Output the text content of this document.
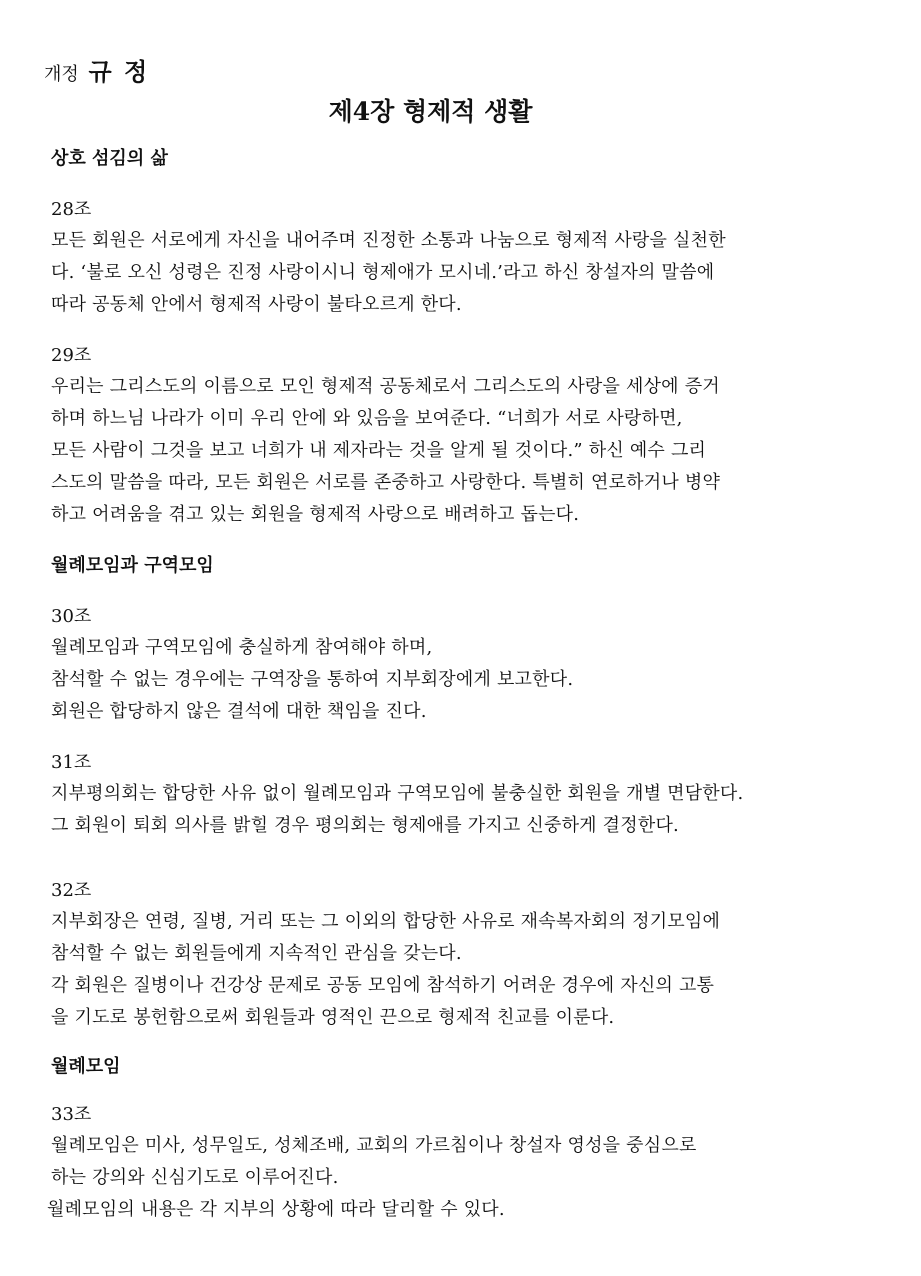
개정 규 정
제4장 형제적 생활
상호 섬김의 삶
28조
모든 회원은 서로에게 자신을 내어주며 진정한 소통과 나눔으로 형제적 사랑을 실천한
다. ‘불로 오신 성령은 진정 사랑이시니 형제애가 모시네.’라고 하신 창설자의 말씀에
따라 공동체 안에서 형제적 사랑이 불타오르게 한다.
29조
우리는 그리스도의 이름으로 모인 형제적 공동체로서 그리스도의 사랑을 세상에 증거
하며 하느님 나라가 이미 우리 안에 와 있음을 보여준다. “너희가 서로 사랑하면,
모든 사람이 그것을 보고 너희가 내 제자라는 것을 알게 될 것이다.” 하신 예수 그리
스도의 말씀을 따라, 모든 회원은 서로를 존중하고 사랑한다. 특별히 연로하거나 병약
하고 어려움을 겪고 있는 회원을 형제적 사랑으로 배려하고 돕는다.
월례모임과 구역모임
30조
월례모임과 구역모임에 충실하게 참여해야 하며,
참석할 수 없는 경우에는 구역장을 통하여 지부회장에게 보고한다.
회원은 합당하지 않은 결석에 대한 책임을 진다.
31조
지부평의회는 합당한 사유 없이 월례모임과 구역모임에 불충실한 회원을 개별 면담한다.
그 회원이 퇴회 의사를 밝힐 경우 평의회는 형제애를 가지고 신중하게 결정한다.
32조
지부회장은 연령, 질병, 거리 또는 그 이외의 합당한 사유로 재속복자회의 정기모임에
참석할 수 없는 회원들에게 지속적인 관심을 갖는다.
각 회원은 질병이나 건강상 문제로 공동 모임에 참석하기 어려운 경우에 자신의 고통
을 기도로 봉헌함으로써 회원들과 영적인 끈으로 형제적 친교를 이룬다.
월례모임
33조
월례모임은 미사, 성무일도, 성체조배, 교회의 가르침이나 창설자 영성을 중심으로
하는 강의와 신심기도로 이루어진다.
월례모임의 내용은 각 지부의 상황에 따라 달리할 수 있다.
